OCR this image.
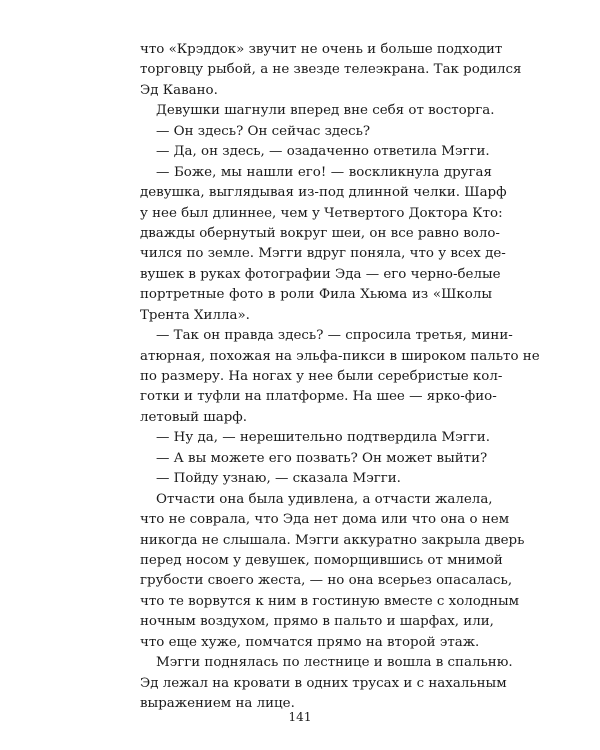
что «Крэддок» звучит не очень и больше подходит
торговцу рыбой, а не звезде телеэкрана. Так родился
Эд Кавано.
Девушки шагнули вперед вне себя от восторга.
— Он здесь? Он сейчас здесь?
— Да, он здесь, — озадаченно ответила Мэгги.
— Боже, мы нашли его! — воскликнула другая
девушка, выглядывая из-под длинной челки. Шарф
у нее был длиннее, чем у Четвертого Доктора Кто:
дважды обернутый вокруг шеи, он все равно воло-
чился по земле. Мэгги вдруг поняла, что у всех де-
вушек в руках фотографии Эда — его черно-белые
портретные фото в роли Фила Хьюма из «Школы
Трента Хилла».
— Так он правда здесь? — спросила третья, мини-
атюрная, похожая на эльфа-пикси в широком пальто не
по размеру. На ногах у нее были серебристые кол-
готки и туфли на платформе. На шее — ярко-фио-
летовый шарф.
— Ну да, — нерешительно подтвердила Мэгги.
— А вы можете его позвать? Он может выйти?
— Пойду узнаю, — сказала Мэгги.
Отчасти она была удивлена, а отчасти жалела,
что не соврала, что Эда нет дома или что она о нем
никогда не слышала. Мэгги аккуратно закрыла дверь
перед носом у девушек, поморщившись от мнимой
грубости своего жеста, — но она всерьез опасалась,
что те ворвутся к ним в гостиную вместе с холодным
ночным воздухом, прямо в пальто и шарфах, или,
что еще хуже, помчатся прямо на второй этаж.
Мэгги поднялась по лестнице и вошла в спальню.
Эд лежал на кровати в одних трусах и с нахальным
выражением на лице.
141
